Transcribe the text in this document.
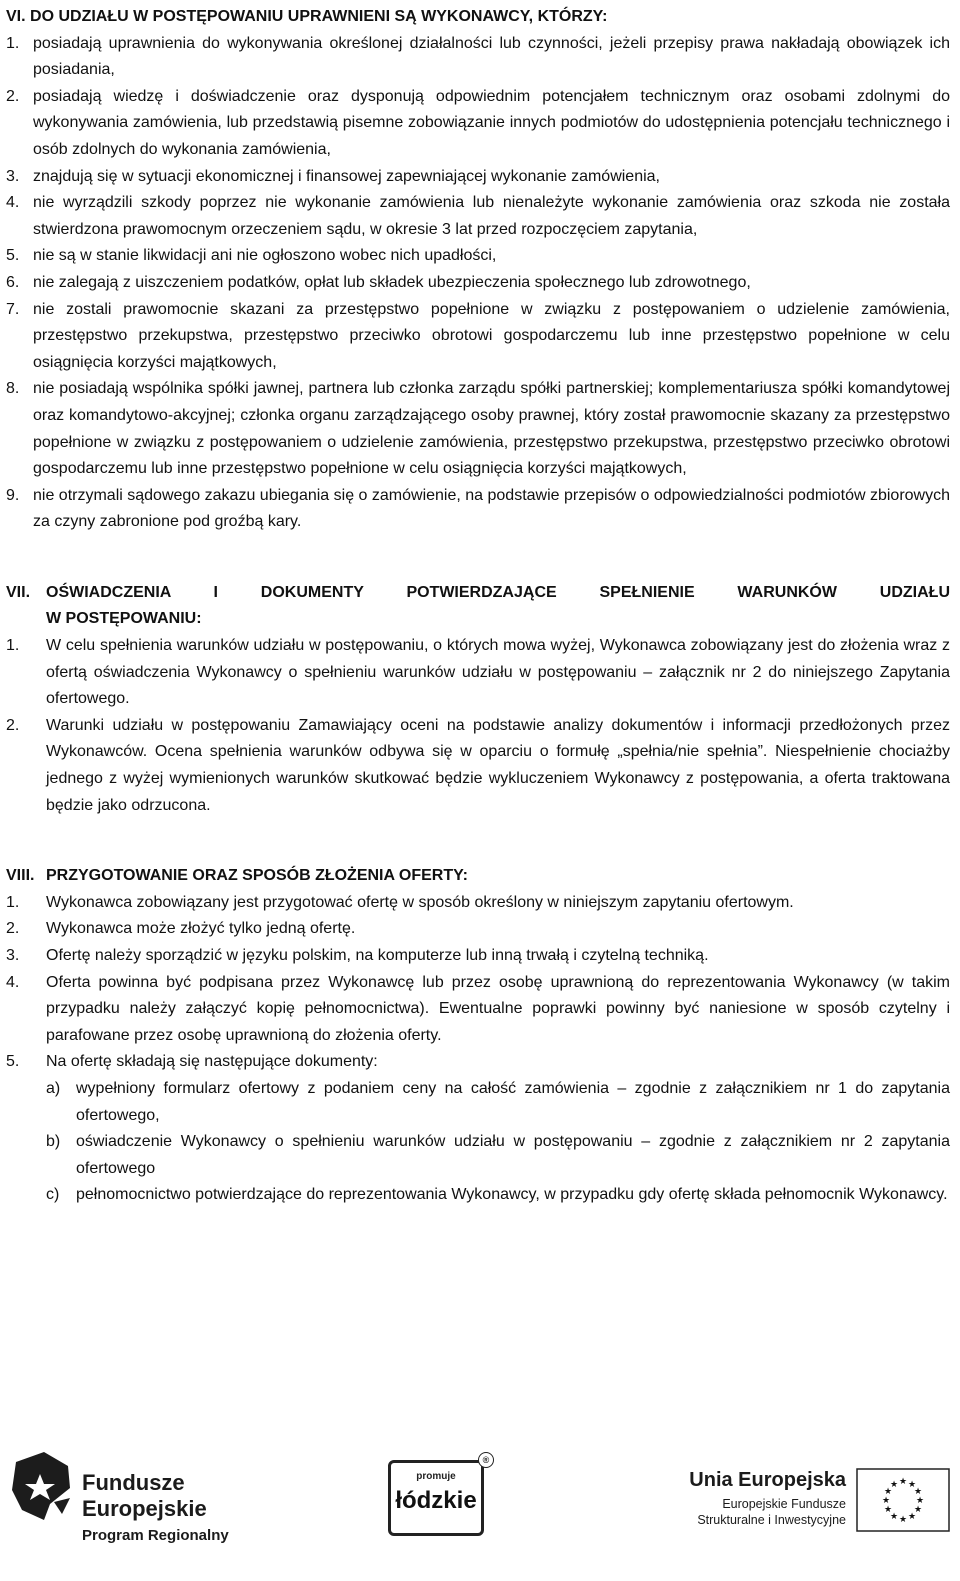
VI. DO UDZIAŁU W POSTĘPOWANIU UPRAWNIENI SĄ WYKONAWCY, KTÓRZY:
1. posiadają uprawnienia do wykonywania określonej działalności lub czynności, jeżeli przepisy prawa nakładają obowiązek ich posiadania,
2. posiadają wiedzę i doświadczenie oraz dysponują odpowiednim potencjałem technicznym oraz osobami zdolnymi do wykonywania zamówienia, lub przedstawią pisemne zobowiązanie innych podmiotów do udostępnienia potencjału technicznego i osób zdolnych do wykonania zamówienia,
3. znajdują się w sytuacji ekonomicznej i finansowej zapewniającej wykonanie zamówienia,
4. nie wyrządzili szkody poprzez nie wykonanie zamówienia lub nienależyte wykonanie zamówienia oraz szkoda nie została stwierdzona prawomocnym orzeczeniem sądu, w okresie 3 lat przed rozpoczęciem zapytania,
5. nie są w stanie likwidacji ani nie ogłoszono wobec nich upadłości,
6. nie zalegają z uiszczeniem podatków, opłat lub składek ubezpieczenia społecznego lub zdrowotnego,
7. nie zostali prawomocnie skazani za przestępstwo popełnione w związku z postępowaniem o udzielenie zamówienia, przestępstwo przekupstwa, przestępstwo przeciwko obrotowi gospodarczemu lub inne przestępstwo popełnione w celu osiągnięcia korzyści majątkowych,
8. nie posiadają wspólnika spółki jawnej, partnera lub członka zarządu spółki partnerskiej; komplementariusza spółki komandytowej oraz komandytowo-akcyjnej; członka organu zarządzającego osoby prawnej, który został prawomocnie skazany za przestępstwo popełnione w związku z postępowaniem o udzielenie zamówienia, przestępstwo przekupstwa, przestępstwo przeciwko obrotowi gospodarczemu lub inne przestępstwo popełnione w celu osiągnięcia korzyści majątkowych,
9. nie otrzymali sądowego zakazu ubiegania się o zamówienie, na podstawie przepisów o odpowiedzialności podmiotów zbiorowych za czyny zabronione pod groźbą kary.
VII. OŚWIADCZENIA I DOKUMENTY POTWIERDZAJĄCE SPEŁNIENIE WARUNKÓW UDZIAŁU
W POSTĘPOWANIU:
1.	W celu spełnienia warunków udziału w postępowaniu, o których mowa wyżej, Wykonawca zobowiązany jest do złożenia wraz z ofertą oświadczenia Wykonawcy o spełnieniu warunków udziału w postępowaniu – załącznik nr 2 do niniejszego Zapytania ofertowego.
2.	Warunki udziału w postępowaniu Zamawiający oceni na podstawie analizy dokumentów i informacji przedłożonych przez Wykonawców. Ocena spełnienia warunków odbywa się w oparciu o formułę „spełnia/nie spełnia”. Niespełnienie chociażby jednego z wyżej wymienionych warunków skutkować będzie wykluczeniem Wykonawcy z postępowania, a oferta traktowana będzie jako odrzucona.
VIII. PRZYGOTOWANIE ORAZ SPOSÓB ZŁOŻENIA OFERTY:
1.	Wykonawca zobowiązany jest przygotować ofertę w sposób określony w niniejszym zapytaniu ofertowym.
2.	Wykonawca może złożyć tylko jedną ofertę.
3.	Ofertę należy sporządzić w języku polskim, na komputerze lub inną trwałą i czytelną techniką.
4.	Oferta powinna być podpisana przez Wykonawcę lub przez osobę uprawnioną do reprezentowania Wykonawcy (w takim przypadku należy załączyć kopię pełnomocnictwa). Ewentualne poprawki powinny być naniesione w sposób czytelny i parafowane przez osobę uprawnioną do złożenia oferty.
5.	Na ofertę składają się następujące dokumenty:
a) wypełniony formularz ofertowy z podaniem ceny na całość zamówienia – zgodnie z załącznikiem nr 1 do zapytania ofertowego,
b) oświadczenie Wykonawcy o spełnieniu warunków udziału w postępowaniu – zgodnie z załącznikiem nr 2 zapytania ofertowego
c)	pełnomocnictwo potwierdzające do reprezentowania Wykonawcy, w przypadku gdy ofertę składa pełnomocnik Wykonawcy.
Fundusze
Europejskie
Program Regionalny
promuje
łódzkie
®
Unia Europejska
Europejskie Fundusze
Strukturalne i Inwestycyjne
★ ★
★
★
★
★
★
★
★
★
★
★
